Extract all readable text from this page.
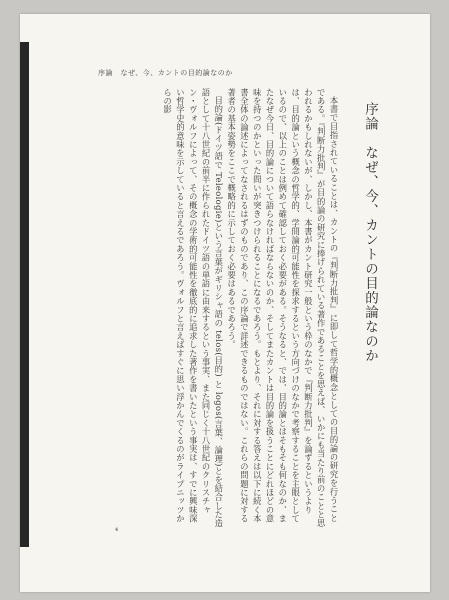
序論　なぜ、今、カントの目的論なのか
序論　なぜ、今、カントの目的論なのか

本書で目指されていることは、カントの『判断力批判』に即して哲学的概念としての目的論の研究を行うことである。『判断力批判』が目的論の研究に捧げられている著作であることを思えば、いかにも当たり前のことと思われるかもしれないが、しかし、本書がカント研究一般という枠のなかで『判断力批判』を論ずるというよりは、目的論という概念の哲学的、学問論的可能性を探求するという方向づけのなかで考察することを主眼としているので、以上のことは例めて確認しておく必要がある。そうなると、では、目的論とはそもそも何なのか、またなぜ今日、目的論について語らなければならないのか、そしてまたカントは目的論を扱うことにどれほどの意味を持つのかといった問いが突きつけられることになるであろう。もとより、それに対する答えは以下に続く本書全体の論述によってなされるはずのものであり、この序論で詳述できるものではない。これらの問題に対する著者の基本姿勢をここで概略的に示しておく必要はあるであろう。

目的論(ドイツ語で Teleologie)という言葉がギリシャ語の telos(目的) と logos(言葉、論理)とを結合した造語として十八世紀の前半に作られたドイツ語の単語に由来するという事実、また同じく十八世紀のクリスチャン・ヴォルフによって、その概念の学術的可能性を徹底的に追求した著作を書いたという事実は、すでに興味深い哲学史的意味を示していると言えるであろう。ヴォルフと言えばすぐに思い浮かんでくるのがライプニッツからの影

4
